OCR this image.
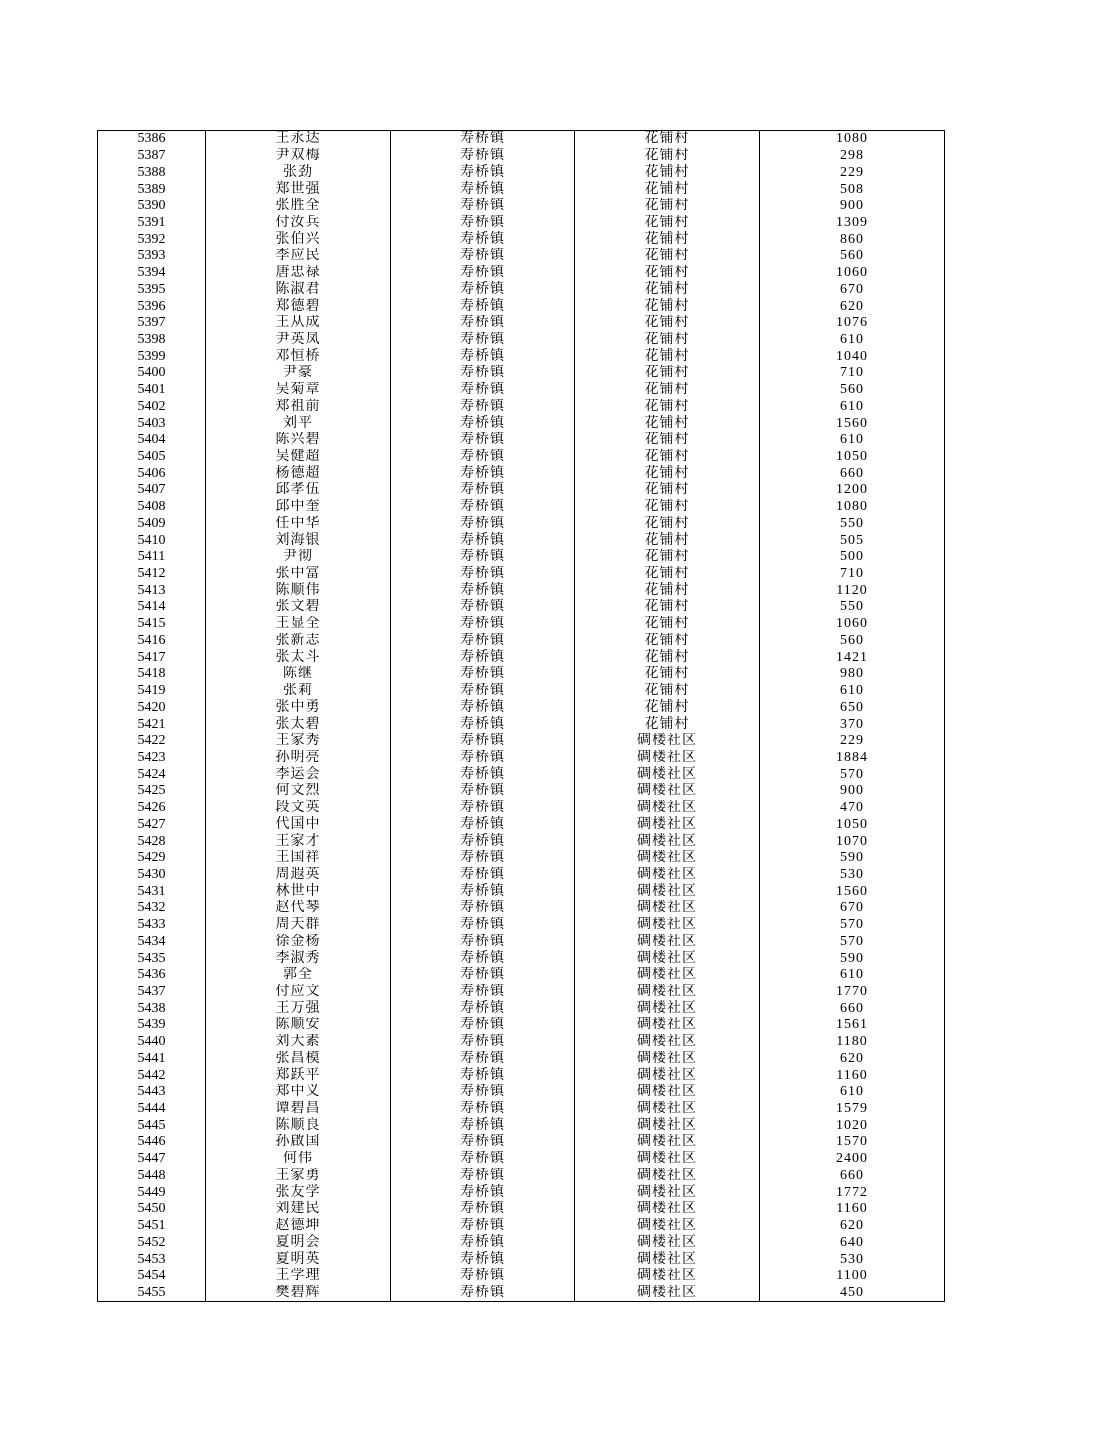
5386	王永达	寿桥镇	花铺村	1080
5387	尹双梅	寿桥镇	花铺村	298
5388	张劲	寿桥镇	花铺村	229
5389	郑世强	寿桥镇	花铺村	508
5390	张胜全	寿桥镇	花铺村	900
5391	付汝兵	寿桥镇	花铺村	1309
5392	张伯兴	寿桥镇	花铺村	860
5393	李应民	寿桥镇	花铺村	560
5394	唐忠禄	寿桥镇	花铺村	1060
5395	陈淑君	寿桥镇	花铺村	670
5396	郑德碧	寿桥镇	花铺村	620
5397	王从成	寿桥镇	花铺村	1076
5398	尹英凤	寿桥镇	花铺村	610
5399	邓恒桥	寿桥镇	花铺村	1040
5400	尹豪	寿桥镇	花铺村	710
5401	吴菊章	寿桥镇	花铺村	560
5402	郑祖前	寿桥镇	花铺村	610
5403	刘平	寿桥镇	花铺村	1560
5404	陈兴碧	寿桥镇	花铺村	610
5405	吴健超	寿桥镇	花铺村	1050
5406	杨德超	寿桥镇	花铺村	660
5407	邱孝伍	寿桥镇	花铺村	1200
5408	邱中奎	寿桥镇	花铺村	1080
5409	任中华	寿桥镇	花铺村	550
5410	刘海银	寿桥镇	花铺村	505
5411	尹彻	寿桥镇	花铺村	500
5412	张中富	寿桥镇	花铺村	710
5413	陈顺伟	寿桥镇	花铺村	1120
5414	张文碧	寿桥镇	花铺村	550
5415	王显全	寿桥镇	花铺村	1060
5416	张新志	寿桥镇	花铺村	560
5417	张太斗	寿桥镇	花铺村	1421
5418	陈继	寿桥镇	花铺村	980
5419	张莉	寿桥镇	花铺村	610
5420	张中勇	寿桥镇	花铺村	650
5421	张太碧	寿桥镇	花铺村	370
5422	王家秀	寿桥镇	碉楼社区	229
5423	孙明亮	寿桥镇	碉楼社区	1884
5424	李运会	寿桥镇	碉楼社区	570
5425	何文烈	寿桥镇	碉楼社区	900
5426	段文英	寿桥镇	碉楼社区	470
5427	代国中	寿桥镇	碉楼社区	1050
5428	王家才	寿桥镇	碉楼社区	1070
5429	王国祥	寿桥镇	碉楼社区	590
5430	周遐英	寿桥镇	碉楼社区	530
5431	林世中	寿桥镇	碉楼社区	1560
5432	赵代琴	寿桥镇	碉楼社区	670
5433	周天群	寿桥镇	碉楼社区	570
5434	徐金杨	寿桥镇	碉楼社区	570
5435	李淑秀	寿桥镇	碉楼社区	590
5436	郭全	寿桥镇	碉楼社区	610
5437	付应文	寿桥镇	碉楼社区	1770
5438	王万强	寿桥镇	碉楼社区	660
5439	陈顺安	寿桥镇	碉楼社区	1561
5440	刘大素	寿桥镇	碉楼社区	1180
5441	张昌模	寿桥镇	碉楼社区	620
5442	郑跃平	寿桥镇	碉楼社区	1160
5443	郑中义	寿桥镇	碉楼社区	610
5444	谭碧昌	寿桥镇	碉楼社区	1579
5445	陈顺良	寿桥镇	碉楼社区	1020
5446	孙啟国	寿桥镇	碉楼社区	1570
5447	何伟	寿桥镇	碉楼社区	2400
5448	王家勇	寿桥镇	碉楼社区	660
5449	张友学	寿桥镇	碉楼社区	1772
5450	刘建民	寿桥镇	碉楼社区	1160
5451	赵德坤	寿桥镇	碉楼社区	620
5452	夏明会	寿桥镇	碉楼社区	640
5453	夏明英	寿桥镇	碉楼社区	530
5454	王学理	寿桥镇	碉楼社区	1100
5455	樊碧辉	寿桥镇	碉楼社区	450
